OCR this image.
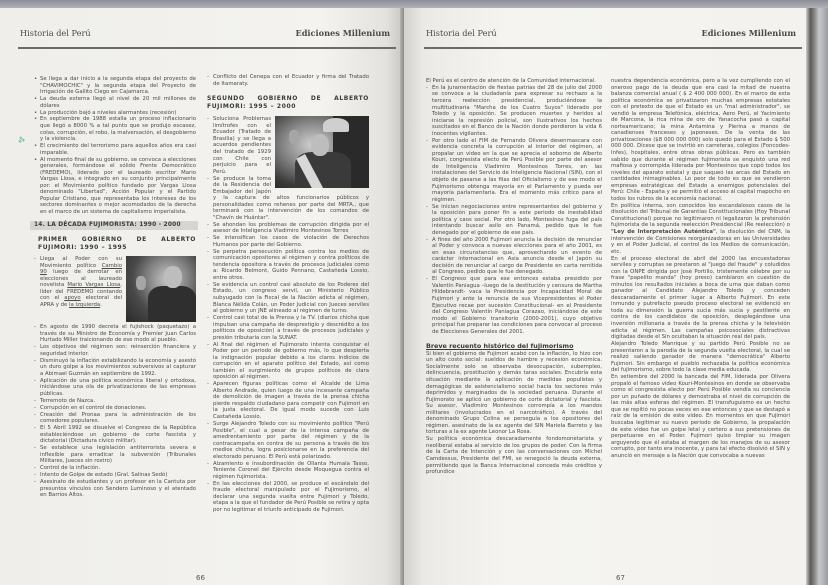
Historia del Perú	Ediciones Millenium
• Se llega a dar inicio a la segunda etapa del proyecto de "CHAVIMOCHIC" y la segunda etapa del Proyecto de Irrigación de Gallito Ciego en Cajamarca.
• La deuda externa llegó al nivel de 20 mil millones de dólares
• La producción bajó a niveles alarmantes (recesión)
• En septiembre de 1988 estalla un proceso inflacionario que llegó a 8000 % a tal punto que se produjo escasez, colas, corrupción, el robo, la malversación, el desgobierno y la violencia.
• El crecimiento del terrorismo para aquellos años era casi imparable.
• Al momento final de su gobierno, se convoca a elecciones generales, formándose el sólido Frente Democrático (FREDEMO), liderado por el laureado escritor Mario Vargas Llosa, e integrado en su conjunto principalmente por: el Movimiento político fundado por Vargas Llosa denominado "Libertad", Acción Popular y el Partido Popular Cristiano, que representaba los intereses de los sectores dominantes o mejor acomodados de la derecha en el marco de un sistema de capitalismo imperialista.
14. LA DÉCADA FUJIMORISTA: 1990 - 2000
PRIMER GOBIERNO DE ALBERTO FUJIMORI: 1990 – 1995
- Llega al Poder con su Movimiento político Cambio 90 luego de derrotar en elecciones al laureado novelista Mario Vargas Llosa, líder del FREDEMO contando con el apoyo electoral del APRA y de la Izquierda.
- En agosto de 1990 decreta el fujishock (paquetazo) a través de su Ministro de Economía y Premier Juan Carlos Hurtado Miller traicionando de ese modo al pueblo.
- Los objetivos del régimen son: reinserción financiera y seguridad interior.
- Disminuyó la inflación estabilizando la economía y asestó un duro golpe a los movimientos subversivos al capturar a Abimael Guzmán en septiembre de 1992.
- Aplicación de una política económica liberal y ortodoxa, iniciándose una ola de privatizaciones de las empresas públicas.
- Terremoto de Nazca.
- Corrupción en el control de donaciones.
- Creación del Pronaa para la administración de los comedores populares.
- El 5 Abril 1992 se disuelve el Congreso de la República estableciéndose un gobierno de corte fascista y dictatorial (Dictadura cívico militar).
- Se establece una legislación antiterrorista severa e inflexible para erradicar la subversión (Tribunales Militares, Jueces sin rostro)
- Control de la inflación.
- Intento de Golpe de estado (Gral. Salinas Sedó)
- Asesinato de estudiantes y un profesor en la Cantuta por presuntos vínculos con Sendero Luminoso y el atentado en Barrios Altos.
- Conflicto del Cenepa con el Ecuador y firma del Tratado de Itamaraty.
SEGUNDO GOBIERNO DE ALBERTO FUJIMORI: 1995 – 2000
- Soluciona Problemas limítrofes con el Ecuador (Tratado de Brasilia) y se llega a acuerdos pendientes del tratado de 1929 con Chile con perjuicio para el Perú.
- Se produce la toma de la Residencia del Embajador del Japón y la captura de altos funcionarios públicos y personalidades como rehenes por parte del MRTA., que terminará con la intervención de los comandos de "Chavín de Huántar".
- Se ahondan los problemas de corrupción dirigida por el asesor de Inteligencia Vladimiro Montesinos Torres
- Se intensifican los casos de violación de Derechos Humanos por parte del Gobierno.
- Se perpetra persecución política contra los medios de comunicación opositores al régimen y contra políticos de tendencia opositora a través de procesos judiciales como a: Ricardo Belmont, Guido Pennano, Castañeda Lossio, entre otros.
- Se evidencia un control casi absoluto de los Poderes del Estado, un congreso servil, un Ministerio Público subyugado con la Fiscal de la Nación adicta al régimen, Blanca Nélida Colán, un Poder Judicial con Jueces serviles al gobierno y un JNE alineado al régimen de turno.
- Control casi total de la Prensa y la TV. (diarios chicha que impulsan una campaña de desprestigio y descrédito a los políticos de oposición) a través de procesos judiciales y presión tributaria con la SUNAT.
- Al final del régimen el Fujimorato intenta conquistar el Poder por un periodo de gobierno más, lo que despierta la indignación popular debido a los claros indicios de corrupción en el aparato político del Estado, así como también el surgimiento de grupos políticos de clara oposición al régimen.
- Aparecen figuras políticas como el Alcalde de Lima Alberto Andrade, quien luego de una incesante campaña de demolición de imagen a través de la prensa chicha pierde respaldo ciudadano para competir con Fujimori en la justa electoral. De igual modo sucede con Luis Castañeda Lossio.
- Surge Alejandro Toledo con su movimiento político "Perú Posible", el cual a pesar de la intensa campaña de amedrentamiento por parte del régimen y de la contracampaña en contra de su persona a través de los medios chicha, logra posicionarse en la preferencia del electorado peruano. El Perú está polarizado.
- Alzamiento e insubordinación de Ollanta Humala Tasso, Teniente Coronel del Ejército desde Moquegua contra el régimen fujimorista.
- En las elecciones del 2000, se produce el escándalo del fraude electoral manipulado por el Fujimorismo, al declarar una segunda vuelta entre Fujimori y Toledo, etapa a la que el fundador de Perú Posible se retira y opta por no legitimar el triunfo anticipado de Fujimori.
⁂
66
Historia del Perú	Ediciones Millenium
El Perú es el centro de atención de la Comunidad internacional.
- En la juramentación de fiestas patrias del 28 de julio del 2000 se convoca a la ciudadanía para expresar su rechazo a la tercera reelección presidencial, produciéndose la multitudinaria "Marcha de los Cuatro Suyos" liderado por Toledo y la oposición. Se producen muertes y heridos al iniciarse la represión policial, son ilustrativos los hechos suscitados en el Banco de la Nación donde perdieron la vida 6 inocentes vigilantes.
- Por otro lado el FIM de Fernando Olivera desenmascara con evidencia concreta la corrupción al interior del régimen, al propalar un video en la que se aprecia el soborno de Alberto Kouri, congresista electo de Perú Posible por parte del asesor de Inteligencia Vladimiro Montesinos Torres, en las instalaciones del Servicio de Inteligencia Nacional (SIN), con el objeto de pasarse a las filas del Oficialismo y de ese modo el Fujimorismo obtenga mayoría en el Parlamento y pueda ser mayoría parlamentaria. Era el momento más crítico para el régimen.
- Se inician negociaciones entre representantes del gobierno y la oposición para poner fin a este periodo de inestabilidad política y caos social. Por otro lado, Montesinos fuga del país intentando buscar asilo en Panamá, pedido que le fue denegado por el gobierno de ese país.
- A fines del año 2000 Fujimori anuncia la decisión de renunciar al Poder y convoca a nuevas elecciones para el año 2001, es en esas circunstancias que, aprovechando un evento de carácter internacional en Asia anuncia desde el Japón su decisión de renunciar al cargo de Presidente en carta remitida al Congreso, pedido que le fue denegado.
- El Congreso que para ese entonces estaba presidido por Valentín Paniagua –luego de la destitución y censura de Martha Hildebrandt- vaca la Presidencia por Incapacidad Moral de Fujimori y ante la renuncia de sus Vicepresidentes el Poder Ejecutivo recae por sucesión Constitucional- en el Presidente del Congreso Valentín Paniagua Corazao, iniciándose de este modo el Gobierno transitorio (2000-2001), cuyo objetivo principal fue preparar las condiciones para convocar al proceso de Elecciones Generales del 2001.
Breve recuento histórico del fujimorismo
Si bien el gobierno de Fujimori acabó con la inflación, lo hizo con un alto costo social: sueldos de hambre y recesión económica. Socialmente solo se observaba desocupación, subempleo, delincuencia, prostitución y demás taras sociales. Encubría esta situación mediante la aplicación de medidas populistas y demagógicas de asistencialismo social hacia los sectores más deprimidos y marginados de la sociedad peruana. Durante el Fujimorato se aplicó un gobierno de corte dictatorial y fascista. Su asesor, Vladimiro Montesinos corrompía a los mandos militares (involucrados en el narcotráfico). A través del denominado Grupo Colina se perseguía a los opositores del régimen. asesinato de la ex agente del SIN Mariela Barreto y las torturas a la ex agente Leonor La Rosa.
Su política económica descaradamente fondomonetarista y neoliberal estaba al servicio de los grupos de poder. Con la firma de la Carta de Intención y con las conversaciones con Michel Camdessus, Presidente del FMI, se renegoció la deuda externa, permitiendo que la Banca Internacional conceda más créditos y profundice
nuestra dependencia económica, pero a la vez cumpliendo con el oneroso pago de la deuda que era casi la mitad de nuestra balanza comercial anual ( $ 2 400 000 000). En el marco de esta política económica se privatizaron muchas empresas estatales con el pretexto de que el Estado es un "mal administrador", se vendió la empresa Telefónica, eléctrica, Aero Perú, el Yacimiento de Marcona, la rica mina de oro de Yanacocha pasó a capital norteamericano; la mina Antamina y Pierina a manos de canadienses franceses y japoneses. De la venta de las privatizaciones ($8 000 000 000) solo quedó para el Estado $ 500 000 000. Dícese que se invirtió en carreteras, colegios (Foncodes-Infes), hospitales, entre otras obras públicas. Pero es también sabido que durante el régimen fujimorista se enquistó una red mafiosa y corrompida liderada por Montesinos que copó todos los niveles del aparato estatal y que saqueó las arcas del Estado en cantidades inimaginables. Lo peor de todo es que se vendieron empresas estratégicas del Estado a enemigos potenciales del Perú: Chile - España y se permitió el acceso al capital mapocho en todos los rubros de la economía nacional.
En política interna, son conocidos los escandalosos casos de la disolución del Tribunal de Garantías Constitucionales (Hoy Tribunal Constitucional) porque no legitimaron ni legalizaron la pretensión fujimorista de la segunda reelección Presidencial (Re reelección) o "Ley de Interpretación Auténtica", la disolución del CNM, la intervención de Comisiones reorganizadoras en las Universidades y en el Poder Judicial, el control de los Medios de comunicación, etc.
En el proceso electoral de abril del 2000 las encuestadoras serviles y corruptas se prestaron al "juego del fraude" y coludidos con la ONPE dirigida por José Portillo, tristemente célebre por su frase "papelito manda" (hoy preso) cambiaron en cuestión de minutos los resultados iniciales a boca de urna que daban como ganador al Candidato Alejandro Toledo y conceden descaradamente el primer lugar a Alberto Fujimori. En este inmundo y putrefacto pseudo proceso electoral se evidenció en toda su dimensión la guerra sucia más sucia y pestilente en contra de los candidatos de oposición, desplegándose una inversión millonaria a través de la prensa chicha y la televisión adicta al régimen. Las campañas psicosociales distractivas digitadas desde el Sin ocultaban la situación real del país.
Alejandro Toledo Manrique y su partido Perú Posible no se presentaron a la parodia de la segunda vuelta electoral, la cual se realizó saliendo ganador de manera "democrática" Alberto Fujimori. Sin embargo el pueblo rechazaba la política económica del fujimorismo, sobre todo la clase media educada.
En setiembre del 2000 la bancada del FIM, liderada por Olivera propaló el famoso video Kouri-Montesinos en donde se observaba como el congresista electo por Perú Posible vendía su conciencia por un puñado de dólares y demostraba el nivel de corrupción de las más altas esferas del régimen. El transfuguismo es un hecho que se repitió no pocas veces en ese entonces y que se destapó a raíz de la emisión de este video. En momentos en que Fujimori buscaba legitimar su nuevo periodo de Gobierno, la propalación de este video fue un golpe letal y certero a sus pretensiones de perpetuarse en el Poder. Fujimori quiso limpiar su imagen arguyendo que él estaba al margen de los manejos de su asesor corrupto, por tanto era inocente, y para tal efecto disolvió el SIN y anunció en mensaje a la Nación que convocaba a nuevas
67
